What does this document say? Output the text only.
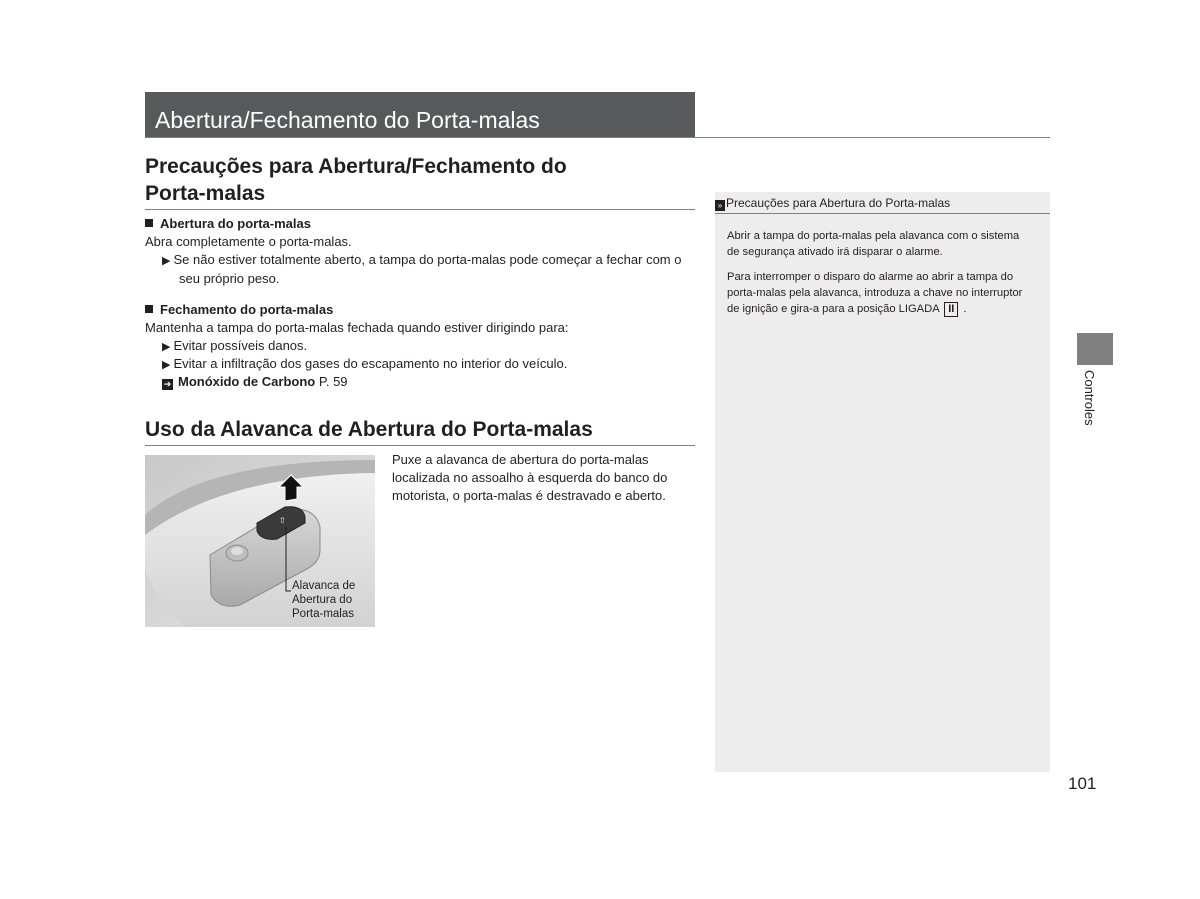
Abertura/Fechamento do Porta-malas
Precauções para Abertura/Fechamento do
Porta-malas
Abertura do porta-malas
Abra completamente o porta-malas.
▶ Se não estiver totalmente aberto, a tampa do porta-malas pode começar a fechar com o
seu próprio peso.
Fechamento do porta-malas
Mantenha a tampa do porta-malas fechada quando estiver dirigindo para:
▶ Evitar possíveis danos.
▶ Evitar a infiltração dos gases do escapamento no interior do veículo.
➔ Monóxido de Carbono P. 59
Uso da Alavanca de Abertura do Porta-malas
Puxe a alavanca de abertura do porta-malas
localizada no assoalho à esquerda do banco do
motorista, o porta-malas é destravado e aberto.
⇧
Alavanca de
Abertura do
Porta-malas
» Precauções para Abertura do Porta-malas
Abrir a tampa do porta-malas pela alavanca com o sistema
de segurança ativado irá disparar o alarme.
Para interromper o disparo do alarme ao abrir a tampa do
porta-malas pela alavanca, introduza a chave no interruptor
de ignição e gira-a para a posição LIGADA II .
Controles
101
